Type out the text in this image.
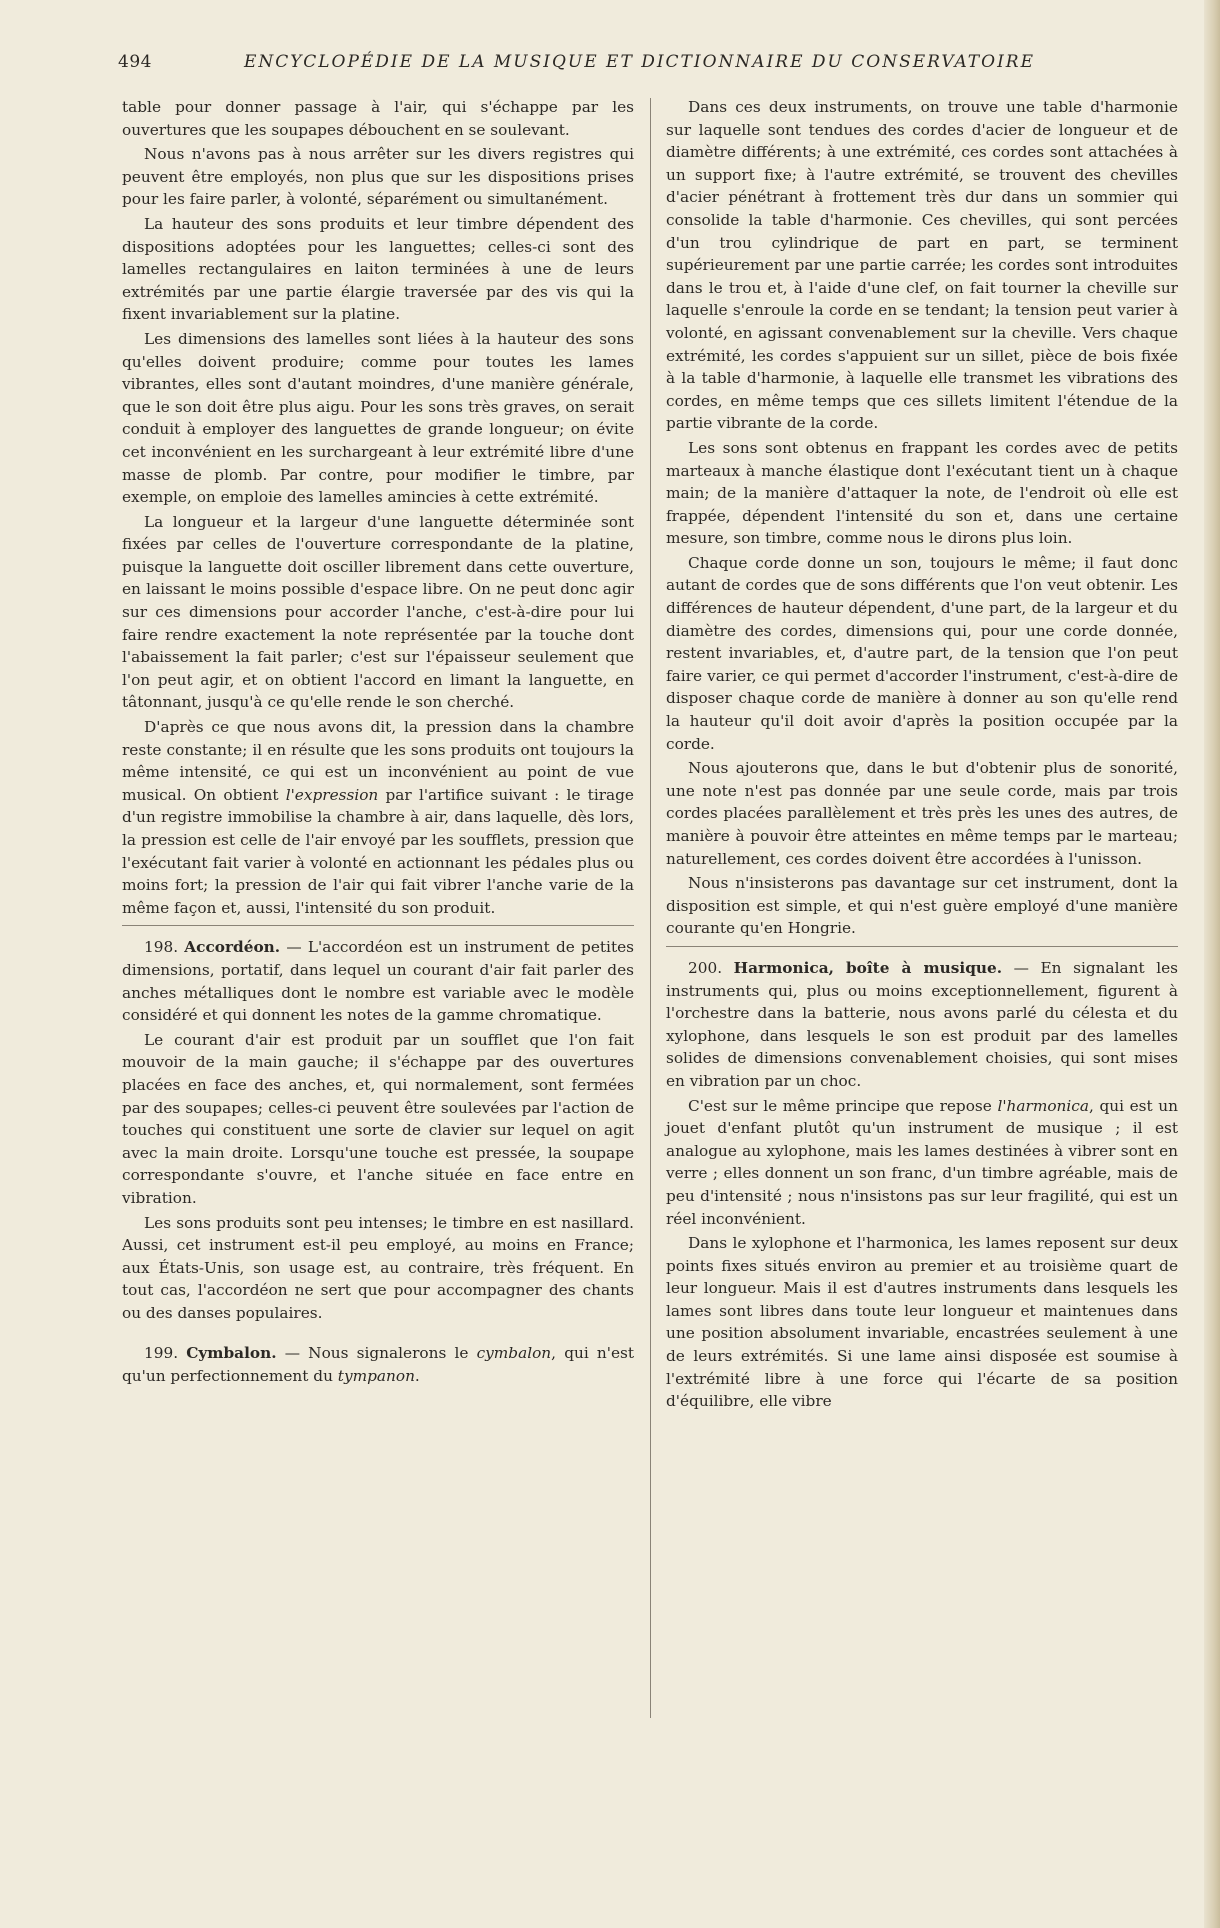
494	ENCYCLOPÉDIE DE LA MUSIQUE ET DICTIONNAIRE DU CONSERVATOIRE

table pour donner passage à l'air, qui s'échappe par les ouvertures que les soupapes débouchent en se soulevant.

Nous n'avons pas à nous arrêter sur les divers registres qui peuvent être employés, non plus que sur les dispositions prises pour les faire parler, à volonté, séparément ou simultanément.

La hauteur des sons produits et leur timbre dépendent des dispositions adoptées pour les languettes; celles-ci sont des lamelles rectangulaires en laiton terminées à une de leurs extrémités par une partie élargie traversée par des vis qui la fixent invariablement sur la platine.

Les dimensions des lamelles sont liées à la hauteur des sons qu'elles doivent produire; comme pour toutes les lames vibrantes, elles sont d'autant moindres, d'une manière générale, que le son doit être plus aigu. Pour les sons très graves, on serait conduit à employer des languettes de grande longueur; on évite cet inconvénient en les surchargeant à leur extrémité libre d'une masse de plomb. Par contre, pour modifier le timbre, par exemple, on emploie des lamelles amincies à cette extrémité.

La longueur et la largeur d'une languette déterminée sont fixées par celles de l'ouverture correspondante de la platine, puisque la languette doit osciller librement dans cette ouverture, en laissant le moins possible d'espace libre. On ne peut donc agir sur ces dimensions pour accorder l'anche, c'est-à-dire pour lui faire rendre exactement la note représentée par la touche dont l'abaissement la fait parler; c'est sur l'épaisseur seulement que l'on peut agir, et on obtient l'accord en limant la languette, en tâtonnant, jusqu'à ce qu'elle rende le son cherché.

D'après ce que nous avons dit, la pression dans la chambre reste constante; il en résulte que les sons produits ont toujours la même intensité, ce qui est un inconvénient au point de vue musical. On obtient l'expression par l'artifice suivant : le tirage d'un registre immobilise la chambre à air, dans laquelle, dès lors, la pression est celle de l'air envoyé par les soufflets, pression que l'exécutant fait varier à volonté en actionnant les pédales plus ou moins fort; la pression de l'air qui fait vibrer l'anche varie de la même façon et, aussi, l'intensité du son produit.

198. Accordéon. — L'accordéon est un instrument de petites dimensions, portatif, dans lequel un courant d'air fait parler des anches métalliques dont le nombre est variable avec le modèle considéré et qui donnent les notes de la gamme chromatique.

Le courant d'air est produit par un soufflet que l'on fait mouvoir de la main gauche; il s'échappe par des ouvertures placées en face des anches, et, qui normalement, sont fermées par des soupapes; celles-ci peuvent être soulevées par l'action de touches qui constituent une sorte de clavier sur lequel on agit avec la main droite. Lorsqu'une touche est pressée, la soupape correspondante s'ouvre, et l'anche située en face entre en vibration.

Les sons produits sont peu intenses; le timbre en est nasillard. Aussi, cet instrument est-il peu employé, au moins en France; aux États-Unis, son usage est, au contraire, très fréquent. En tout cas, l'accordéon ne sert que pour accompagner des chants ou des danses populaires.

199. Cymbalon. — Nous signalerons le cymbalon, qui n'est qu'un perfectionnement du tympanon.

Dans ces deux instruments, on trouve une table d'harmonie sur laquelle sont tendues des cordes d'acier de longueur et de diamètre différents; à une extrémité, ces cordes sont attachées à un support fixe; à l'autre extrémité, se trouvent des chevilles d'acier pénétrant à frottement très dur dans un sommier qui consolide la table d'harmonie. Ces chevilles, qui sont percées d'un trou cylindrique de part en part, se terminent supérieurement par une partie carrée; les cordes sont introduites dans le trou et, à l'aide d'une clef, on fait tourner la cheville sur laquelle s'enroule la corde en se tendant; la tension peut varier à volonté, en agissant convenablement sur la cheville. Vers chaque extrémité, les cordes s'appuient sur un sillet, pièce de bois fixée à la table d'harmonie, à laquelle elle transmet les vibrations des cordes, en même temps que ces sillets limitent l'étendue de la partie vibrante de la corde.

Les sons sont obtenus en frappant les cordes avec de petits marteaux à manche élastique dont l'exécutant tient un à chaque main; de la manière d'attaquer la note, de l'endroit où elle est frappée, dépendent l'intensité du son et, dans une certaine mesure, son timbre, comme nous le dirons plus loin.

Chaque corde donne un son, toujours le même; il faut donc autant de cordes que de sons différents que l'on veut obtenir. Les différences de hauteur dépendent, d'une part, de la largeur et du diamètre des cordes, dimensions qui, pour une corde donnée, restent invariables, et, d'autre part, de la tension que l'on peut faire varier, ce qui permet d'accorder l'instrument, c'est-à-dire de disposer chaque corde de manière à donner au son qu'elle rend la hauteur qu'il doit avoir d'après la position occupée par la corde.

Nous ajouterons que, dans le but d'obtenir plus de sonorité, une note n'est pas donnée par une seule corde, mais par trois cordes placées parallèlement et très près les unes des autres, de manière à pouvoir être atteintes en même temps par le marteau; naturellement, ces cordes doivent être accordées à l'unisson.

Nous n'insisterons pas davantage sur cet instrument, dont la disposition est simple, et qui n'est guère employé d'une manière courante qu'en Hongrie.

200. Harmonica, boîte à musique. — En signalant les instruments qui, plus ou moins exceptionnellement, figurent à l'orchestre dans la batterie, nous avons parlé du célesta et du xylophone, dans lesquels le son est produit par des lamelles solides de dimensions convenablement choisies, qui sont mises en vibration par un choc.

C'est sur le même principe que repose l'harmonica, qui est un jouet d'enfant plutôt qu'un instrument de musique ; il est analogue au xylophone, mais les lames destinées à vibrer sont en verre ; elles donnent un son franc, d'un timbre agréable, mais de peu d'intensité ; nous n'insistons pas sur leur fragilité, qui est un réel inconvénient.

Dans le xylophone et l'harmonica, les lames reposent sur deux points fixes situés environ au premier et au troisième quart de leur longueur. Mais il est d'autres instruments dans lesquels les lames sont libres dans toute leur longueur et maintenues dans une position absolument invariable, encastrées seulement à une de leurs extrémités. Si une lame ainsi disposée est soumise à l'extrémité libre à une force qui l'écarte de sa position d'équilibre, elle vibre
